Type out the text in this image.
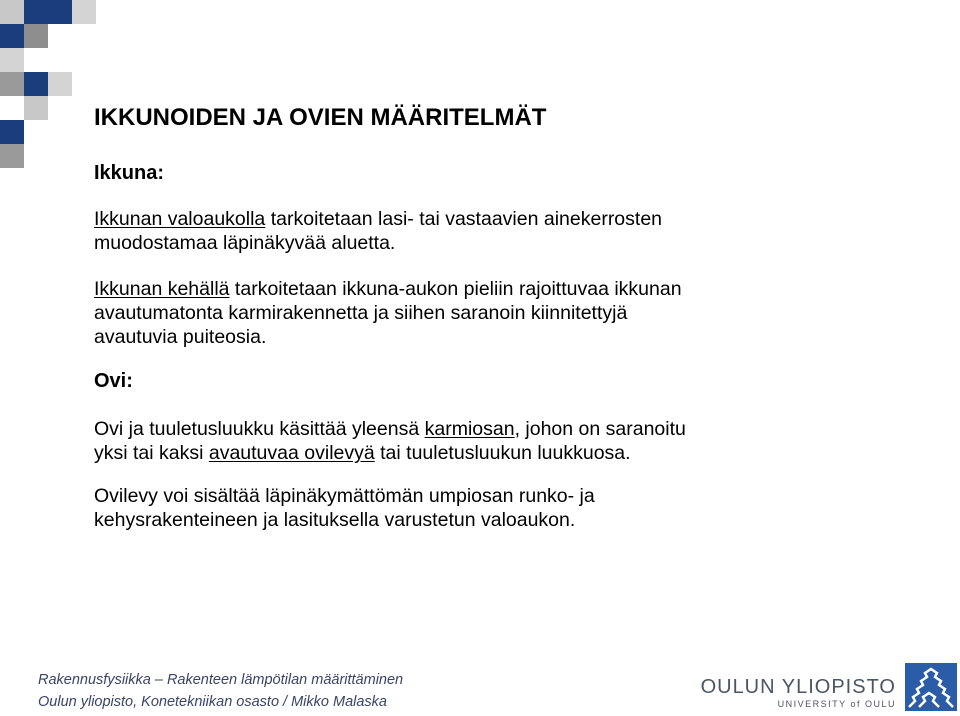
IKKUNOIDEN JA OVIEN MÄÄRITELMÄT
Ikkuna:
Ikkunan valoaukolla tarkoitetaan lasi- tai vastaavien ainekerrosten
muodostamaa läpinäkyvää aluetta.
Ikkunan kehällä tarkoitetaan ikkuna-aukon pieliin rajoittuvaa ikkunan
avautumatonta karmirakennetta ja siihen saranoin kiinnitettyjä
avautuvia puiteosia.
Ovi:
Ovi ja tuuletusluukku käsittää yleensä karmiosan, johon on saranoitu
yksi tai kaksi avautuvaa ovilevyä tai tuuletusluukun luukkuosa.
Ovilevy voi sisältää läpinäkymättömän umpiosan runko- ja
kehysrakenteineen ja lasituksella varustetun valoaukon.
Rakennusfysiikka – Rakenteen lämpötilan määrittäminen
Oulun yliopisto, Konetekniikan osasto / Mikko Malaska
OULUN YLIOPISTO
UNIVERSITY of OULU
